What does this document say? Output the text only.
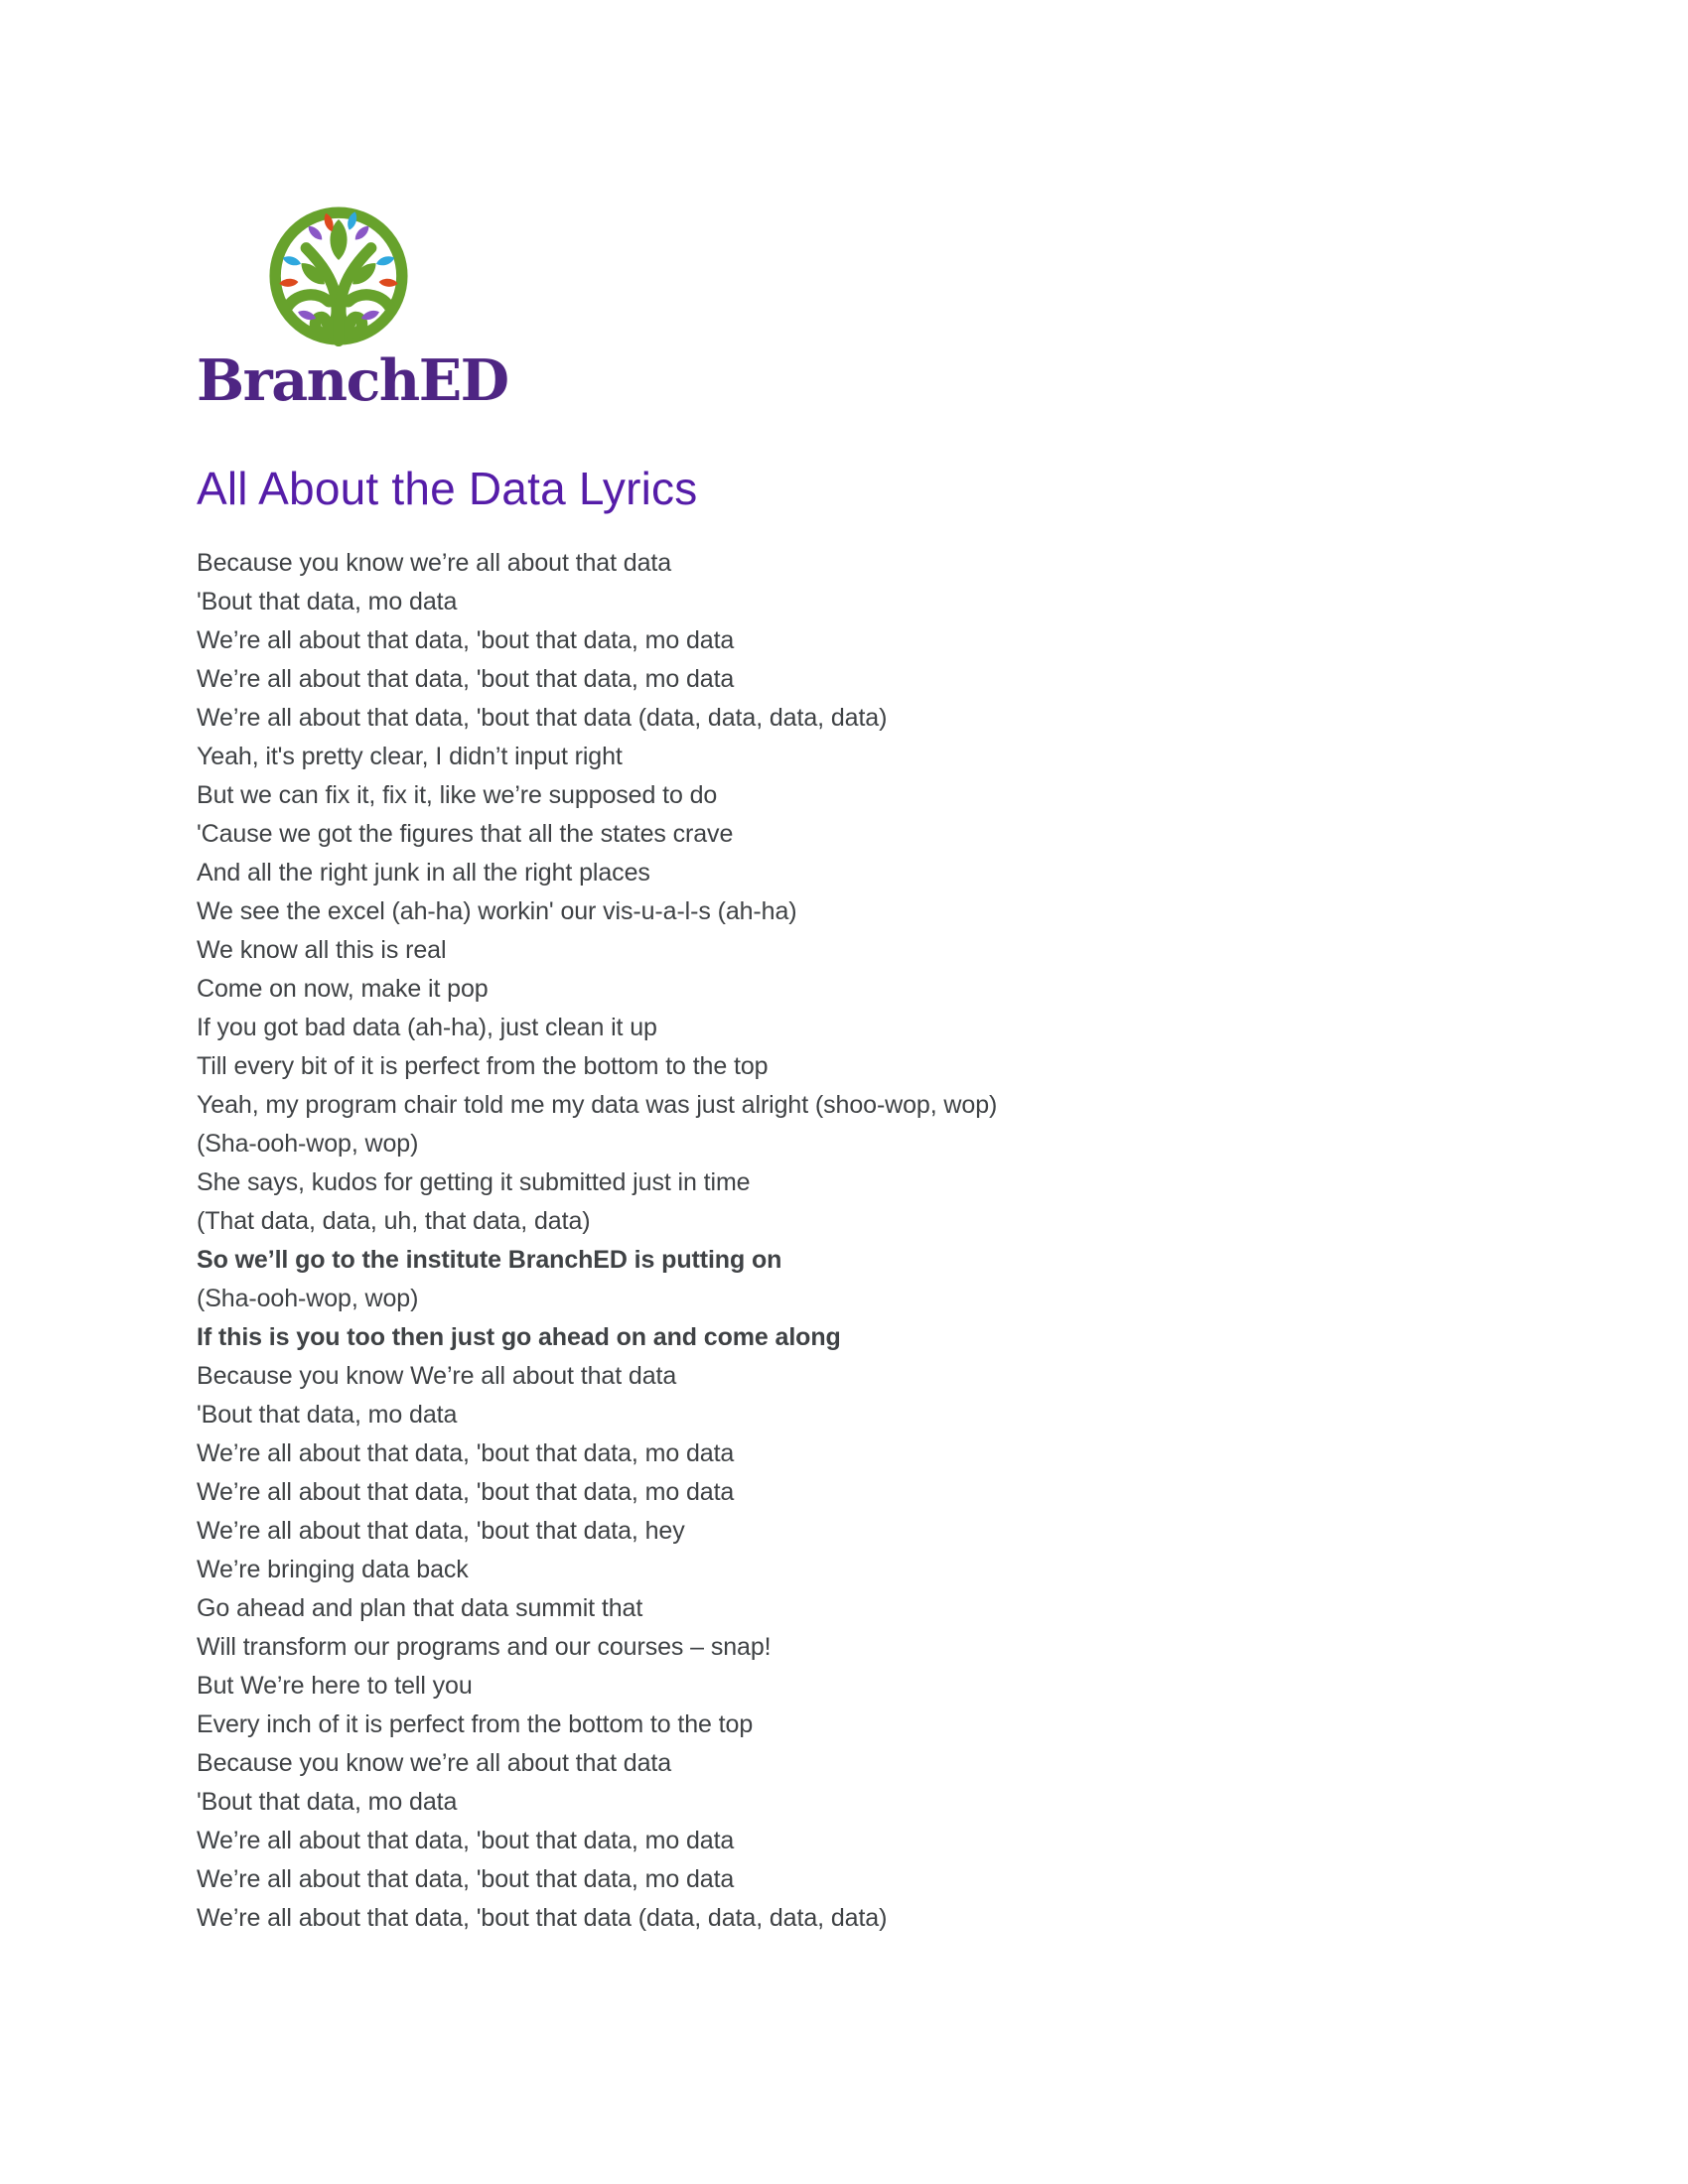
BranchED
All About the Data Lyrics
Because you know we’re all about that data
'Bout that data, mo data
We’re all about that data, 'bout that data, mo data
We’re all about that data, 'bout that data, mo data
We’re all about that data, 'bout that data (data, data, data, data)
Yeah, it's pretty clear, I didn’t input right
But we can fix it, fix it, like we’re supposed to do
'Cause we got the figures that all the states crave
And all the right junk in all the right places
We see the excel (ah-ha) workin' our vis-u-a-l-s (ah-ha)
We know all this is real
Come on now, make it pop
If you got bad data (ah-ha), just clean it up
Till every bit of it is perfect from the bottom to the top
Yeah, my program chair told me my data was just alright (shoo-wop, wop)
(Sha-ooh-wop, wop)
She says, kudos for getting it submitted just in time
(That data, data, uh, that data, data)
So we’ll go to the institute BranchED is putting on
(Sha-ooh-wop, wop)
If this is you too then just go ahead on and come along
Because you know We’re all about that data
'Bout that data, mo data
We’re all about that data, 'bout that data, mo data
We’re all about that data, 'bout that data, mo data
We’re all about that data, 'bout that data, hey
We’re bringing data back
Go ahead and plan that data summit that
Will transform our programs and our courses – snap!
But We’re here to tell you
Every inch of it is perfect from the bottom to the top
Because you know we’re all about that data
'Bout that data, mo data
We’re all about that data, 'bout that data, mo data
We’re all about that data, 'bout that data, mo data
We’re all about that data, 'bout that data (data, data, data, data)
